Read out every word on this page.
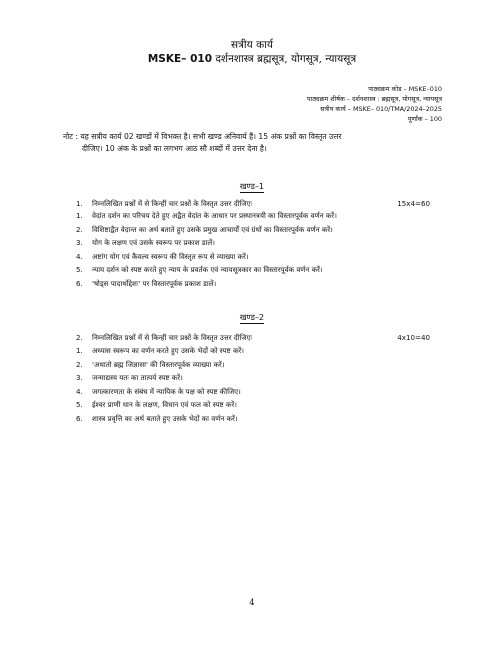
सत्रीय कार्य
MSKE– 010 दर्शनशास्त्र ब्रह्मसूत्र, योगसूत्र, न्यायसूत्र
पाठ्यक्रम कोड – MSKE–010
पाठ्यक्रम शीर्षक – दर्शनशास्त्र : ब्रह्मसूत्र, योगसूत्र, न्यायसूत्र
सत्रीय कार्य – MSKE– 010/TMA/2024–2025
पूर्णांक – 100
नोट : यह सत्रीय कार्य 02 खण्डों में विभक्त है। सभी खण्ड अनिवार्य हैं। 15 अंक प्रश्नों का विस्तृत उत्तर
दीजिए। 10 अंक के प्रश्नों का लगभग आठ सौ शब्दों में उत्तर देना है।
खण्ड–1
1. निम्नलिखित प्रश्नों में से किन्हीं चार प्रश्नों के विस्तृत उत्तर दीजिएः	15x4=60
1. वेदांत दर्शन का परिचय देते हुए अद्वैत वेदांत के आधार पर प्रस्थानत्रयी का विस्तारपूर्वक वर्णन करें।
2. विशिष्टाद्वैत वेदान्त का अर्थ बताते हुए उसके प्रमुख आचार्यों एवं ग्रंथों का विस्तारपूर्वक वर्णन करें।
3. योग के लक्षण एवं उसके स्वरूप पर प्रकाश डालें।
4. अष्टांग योग एवं कैवल्य स्वरूप की विस्तृत रूप से व्याख्या करें।
5. न्याय दर्शन को स्पष्ट करते हुए न्याय के प्रवर्तक एवं न्यायसूत्रकार का विस्तारपूर्वक वर्णन करें।
6. 'षोड्स पादार्थोद्देशः' पर विस्तारपूर्वक प्रकाश डालें।
खण्ड–2
2. निम्नलिखित प्रश्नों में से किन्हीं चार प्रश्नों के विस्तृत उत्तर दीजिएः	4x10=40
1. अध्यास स्वरूप का वर्णन करते हुए उसके भेदों को स्पष्ट करें।
2. 'अथातो ब्रह्म जिज्ञासा' की विस्तारपूर्वक व्याख्या करें।
3. जन्माद्यस्य यतः का तात्पर्य स्पष्ट करें।
4. जगत्कारणता के संबंध में न्यायिक के पक्ष को स्पष्ट कीजिए।
5. ईश्वर प्राणी धान के लक्षण, विधान एवं फल को स्पष्ट करें।
6. शास्त्र प्रवृत्ति का अर्थ बताते हुए उसके भेदों का वर्णन करें।
4
